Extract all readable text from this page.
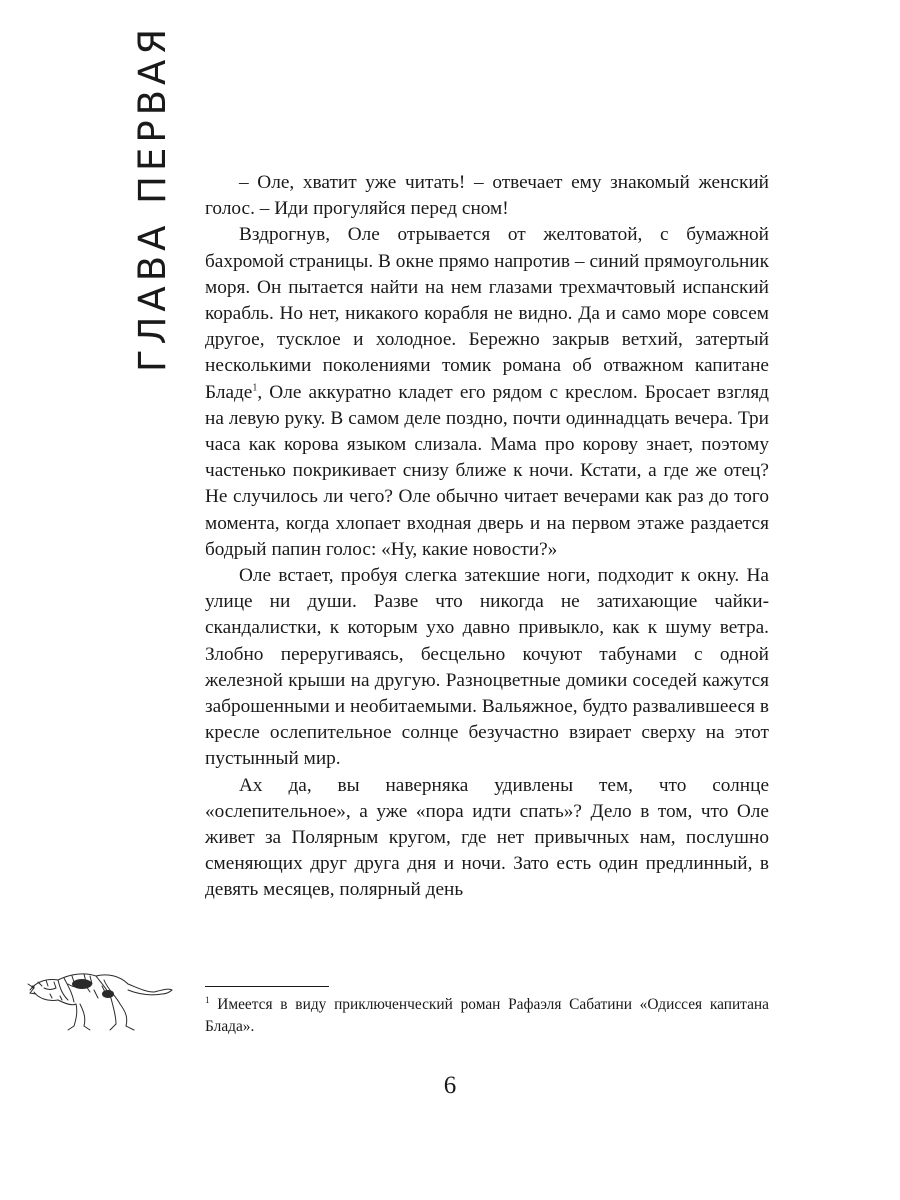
ГЛАВА ПЕРВАЯ	– Оле, хватит уже читать! – отвечает ему знакомый женский голос. – Иди прогуляйся перед сном!

Вздрогнув, Оле отрывается от желтоватой, с бумажной бахромой страницы. В окне прямо напротив – синий прямоугольник моря. Он пытается найти на нем глазами трехмачтовый испанский корабль. Но нет, никакого корабля не видно. Да и само море совсем другое, тусклое и холодное. Бережно закрыв ветхий, затертый несколькими поколениями томик романа об отважном капитане Бладе$^1$, Оле аккуратно кладет его рядом с креслом. Бросает взгляд на левую руку. В самом деле поздно, почти одиннадцать вечера. Три часа как корова языком слизала. Мама про корову знает, поэтому частенько покрикивает снизу ближе к ночи. Кстати, а где же отец? Не случилось ли чего? Оле обычно читает вечерами как раз до того момента, когда хлопает входная дверь и на первом этаже раздается бодрый папин голос: «Ну, какие новости?»

Оле встает, пробуя слегка затекшие ноги, подходит к окну. На улице ни души. Разве что никогда не затихающие чайки-скандалистки, к которым ухо давно привыкло, как к шуму ветра. Злобно переругиваясь, бесцельно кочуют табунами с одной железной крыши на другую. Разноцветные домики соседей кажутся заброшенными и необитаемыми. Вальяжное, будто развалившееся в кресле ослепительное солнце безучастно взирает сверху на этот пустынный мир.

Ах да, вы наверняка удивлены тем, что солнце «ослепительное», а уже «пора идти спать»? Дело в том, что Оле живет за Полярным кругом, где нет привычных нам, послушно сменяющих друг друга дня и ночи. Зато есть один предлинный, в девять месяцев, полярный день

$^1$ Имеется в виду приключенческий роман Рафаэля Сабатини «Одиссея капитана Блада».

6
